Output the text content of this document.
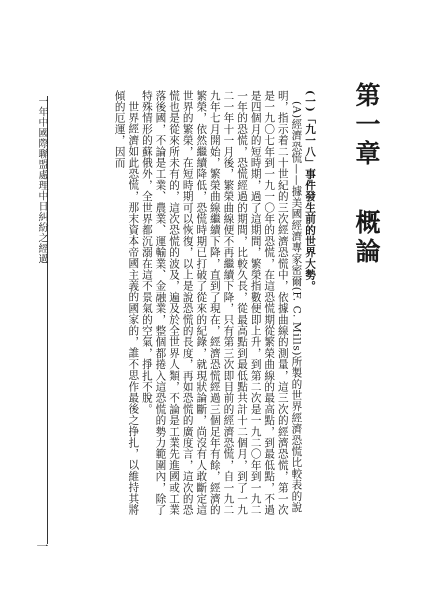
第一章概論

(一)「九一八」事件發生前的世界大勢。

(A)經濟恐慌——據美國經濟專家密爾(F. C. Mills)所製的世界經濟恐慌比較表的說明，指示着二十世紀的三次經濟恐慌中，依據曲線的測量，這三次的經濟恐慌，第一次是一九〇七年到一九一〇年的恐慌，在這恐慌期從繁榮曲線的最高點，到最低點，不過是四個月的短時期，過了這期間，繁榮指數便即上升，到第二次是一九二〇年到一九二一年的恐慌，恐慌經過的期間，比較久長，從最高點到最低點共計十二個月，到了一九二一年十一月後，繁榮曲線便不再繼續下降，只有第三次即目前的經濟恐慌，自一九二九年七月開始，繁榮曲線繼續下降，直到了現在，經濟恐慌經過三個足年有餘，經濟的繁榮，依然繼續降低，恐慌時期已打破了從來的紀錄，就現狀論斷，尚沒有人敢斷定這世界的繁榮，在短時期可以恢復，以上是說恐慌的長度，再如恐慌的廣度言，這次的恐慌也是從來所未有的，這次恐慌的波及，遍及於全世界人類，不論是工業先進國或工業落後國，不論是工業、農業、運輸業、金融業，整個都捲入這恐慌的勢力範圍內，除了特殊情形的蘇俄外，全世界都沉溺在這不景氣的空氣，掙扎不脫。

世界經濟如此恐慌，那末資本帝國主義的國家的，誰不思作最後之挣扎，以維持其將傾的厄運，因而

一年中國際聯盟處理中日糾紛之經過
一
